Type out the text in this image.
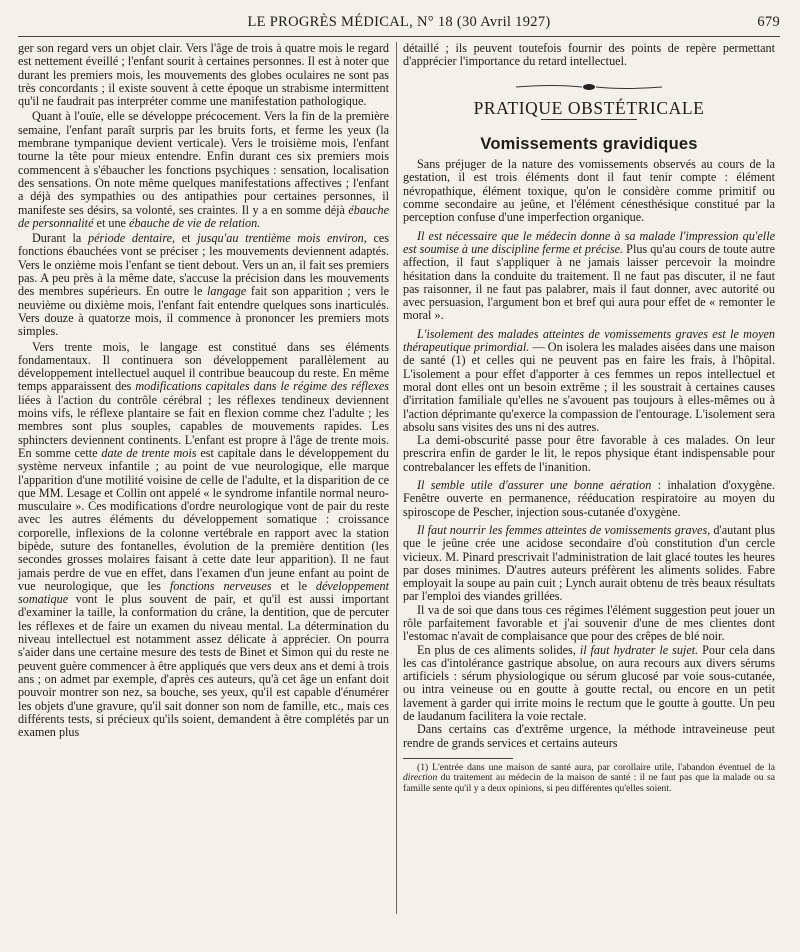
LE PROGRÈS MÉDICAL, N° 18 (30 Avril 1927)	679

ger son regard vers un objet clair. Vers l'âge de trois à quatre mois le regard est nettement éveillé ; l'enfant sourit à certaines personnes. Il est à noter que durant les premiers mois, les mouvements des globes oculaires ne sont pas très concordants ; il existe souvent à cette époque un strabisme intermittent qu'il ne faudrait pas interpréter comme une manifestation pathologique.

Quant à l'ouïe, elle se développe précocement. Vers la fin de la première semaine, l'enfant paraît surpris par les bruits forts, et ferme les yeux (la membrane tympanique devient verticale). Vers le troisième mois, l'enfant tourne la tête pour mieux entendre. Enfin durant ces six premiers mois commencent à s'ébaucher les fonctions psychiques : sensation, localisation des sensations. On note même quelques manifestations affectives ; l'enfant a déjà des sympathies ou des antipathies pour certaines personnes, il manifeste ses désirs, sa volonté, ses craintes. Il y a en somme déjà ébauche de personnalité et une ébauche de vie de relation.

Durant la période dentaire, et jusqu'au trentième mois environ, ces fonctions ébauchées vont se préciser ; les mouvements deviennent adaptés. Vers le onzième mois l'enfant se tient debout. Vers un an, il fait ses premiers pas. A peu près à la même date, s'accuse la précision dans les mouvements des membres supérieurs. En outre le langage fait son apparition ; vers le neuvième ou dixième mois, l'enfant fait entendre quelques sons inarticulés. Vers douze à quatorze mois, il commence à prononcer les premiers mots simples.

Vers trente mois, le langage est constitué dans ses éléments fondamentaux. Il continuera son développement parallèlement au développement intellectuel auquel il contribue beaucoup du reste. En même temps apparaissent des modifications capitales dans le régime des réflexes liées à l'action du contrôle cérébral ; les réflexes tendineux deviennent moins vifs, le réflexe plantaire se fait en flexion comme chez l'adulte ; les membres sont plus souples, capables de mouvements rapides. Les sphincters deviennent continents. L'enfant est propre à l'âge de trente mois. En somme cette date de trente mois est capitale dans le développement du système nerveux infantile ; au point de vue neurologique, elle marque l'apparition d'une motilité voisine de celle de l'adulte, et la disparition de ce que MM. Lesage et Collin ont appelé « le syndrome infantile normal neuro-musculaire ». Ces modifications d'ordre neurologique vont de pair du reste avec les autres éléments du développement somatique : croissance corporelle, inflexions de la colonne vertébrale en rapport avec la station bipède, suture des fontanelles, évolution de la première dentition (les secondes grosses molaires faisant à cette date leur apparition). Il ne faut jamais perdre de vue en effet, dans l'examen d'un jeune enfant au point de vue neurologique, que les fonctions nerveuses et le développement somatique vont le plus souvent de pair, et qu'il est aussi important d'examiner la taille, la conformation du crâne, la dentition, que de percuter les réflexes et de faire un examen du niveau mental. La détermination du niveau intellectuel est notamment assez délicate à apprécier. On pourra s'aider dans une certaine mesure des tests de Binet et Simon qui du reste ne peuvent guère commencer à être appliqués que vers deux ans et demi à trois ans ; on admet par exemple, d'après ces auteurs, qu'à cet âge un enfant doit pouvoir montrer son nez, sa bouche, ses yeux, qu'il est capable d'énumérer les objets d'une gravure, qu'il sait donner son nom de famille, etc., mais ces différents tests, si précieux qu'ils soient, demandent à être complétés par un examen plus

détaillé ; ils peuvent toutefois fournir des points de repère permettant d'apprécier l'importance du retard intellectuel.

PRATIQUE OBSTÉTRICALE
Vomissements gravidiques

Sans préjuger de la nature des vomissements observés au cours de la gestation, il est trois éléments dont il faut tenir compte : élément névropathique, élément toxique, qu'on le considère comme primitif ou comme secondaire au jeûne, et l'élément cénesthésique constitué par la perception confuse d'une imperfection organique.

Il est nécessaire que le médecin donne à sa malade l'impression qu'elle est soumise à une discipline ferme et précise. Plus qu'au cours de toute autre affection, il faut s'appliquer à ne jamais laisser percevoir la moindre hésitation dans la conduite du traitement. Il ne faut pas discuter, il ne faut pas raisonner, il ne faut pas palabrer, mais il faut donner, avec autorité ou avec persuasion, l'argument bon et bref qui aura pour effet de « remonter le moral ».

L'isolement des malades atteintes de vomissements graves est le moyen thérapeutique primordial. — On isolera les malades aisées dans une maison de santé (1) et celles qui ne peuvent pas en faire les frais, à l'hôpital. L'isolement a pour effet d'apporter à ces femmes un repos intellectuel et moral dont elles ont un besoin extrême ; il les soustrait à certaines causes d'irritation familiale qu'elles ne s'avouent pas toujours à elles-mêmes ou à l'action déprimante qu'exerce la compassion de l'entourage. L'isolement sera absolu sans visites des uns ni des autres.

La demi-obscurité passe pour être favorable à ces malades. On leur prescrira enfin de garder le lit, le repos physique étant indispensable pour contrebalancer les effets de l'inanition.

Il semble utile d'assurer une bonne aération : inhalation d'oxygène. Fenêtre ouverte en permanence, rééducation respiratoire au moyen du spiroscope de Pescher, injection sous-cutanée d'oxygène.

Il faut nourrir les femmes atteintes de vomissements graves, d'autant plus que le jeûne crée une acidose secondaire d'où constitution d'un cercle vicieux. M. Pinard prescrivait l'administration de lait glacé toutes les heures par doses minimes. D'autres auteurs préfèrent les aliments solides. Fabre employait la soupe au pain cuit ; Lynch aurait obtenu de très beaux résultats par l'emploi des viandes grillées.

Il va de soi que dans tous ces régimes l'élément suggestion peut jouer un rôle parfaitement favorable et j'ai souvenir d'une de mes clientes dont l'estomac n'avait de complaisance que pour des crêpes de blé noir.

En plus de ces aliments solides, il faut hydrater le sujet. Pour cela dans les cas d'intolérance gastrique absolue, on aura recours aux divers sérums artificiels : sérum physiologique ou sérum glucosé par voie sous-cutanée, ou intra veineuse ou en goutte à goutte rectal, ou encore en un petit lavement à garder qui irrite moins le rectum que le goutte à goutte. Un peu de laudanum facilitera la voie rectale.

Dans certains cas d'extrême urgence, la méthode intraveineuse peut rendre de grands services et certains auteurs

(1) L'entrée dans une maison de santé aura, par corollaire utile, l'abandon éventuel de la direction du traitement au médecin de la maison de santé : il ne faut pas que la malade ou sa famille sente qu'il y a deux opinions, si peu différentes qu'elles soient.
